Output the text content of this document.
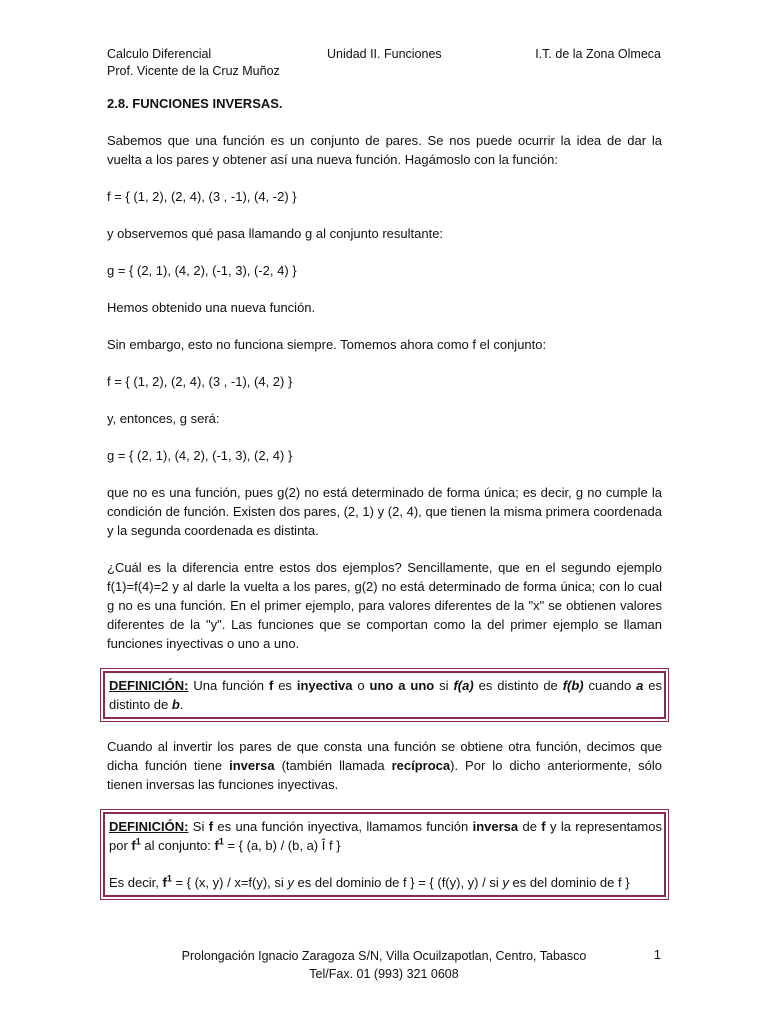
Calculo Diferencial
Prof. Vicente de la Cruz Muñoz
Unidad II. Funciones	I.T. de la Zona Olmeca

2.8. FUNCIONES INVERSAS.

Sabemos que una función es un conjunto de pares. Se nos puede ocurrir la idea de dar la vuelta a los pares y obtener así una nueva función. Hagámoslo con la función:

f = { (1, 2), (2, 4), (3 , -1), (4, -2) }

y observemos qué pasa llamando g al conjunto resultante:

g = { (2, 1), (4, 2), (-1, 3), (-2, 4) }

Hemos obtenido una nueva función.

Sin embargo, esto no funciona siempre. Tomemos ahora como f el conjunto:

f = { (1, 2), (2, 4), (3 , -1), (4, 2) }

y, entonces, g será:

g = { (2, 1), (4, 2), (-1, 3), (2, 4) }

que no es una función, pues g(2) no está determinado de forma única; es decir, g no cumple la condición de función. Existen dos pares, (2, 1) y (2, 4), que tienen la misma primera coordenada y la segunda coordenada es distinta.

¿Cuál es la diferencia entre estos dos ejemplos? Sencillamente, que en el segundo ejemplo f(1)=f(4)=2 y al darle la vuelta a los pares, g(2) no está determinado de forma única; con lo cual g no es una función. En el primer ejemplo, para valores diferentes de la "x" se obtienen valores diferentes de la "y". Las funciones que se comportan como la del primer ejemplo se llaman funciones inyectivas o uno a uno.

DEFINICIÓN: Una función f es inyectiva o uno a uno si f(a) es distinto de f(b) cuando a es distinto de b.

Cuando al invertir los pares de que consta una función se obtiene otra función, decimos que dicha función tiene inversa (también llamada recíproca). Por lo dicho anteriormente, sólo tienen inversas las funciones inyectivas.

DEFINICIÓN: Si f es una función inyectiva, llamamos función inversa de f y la representamos por $f^1$ al conjunto: $f^1$ = { (a, b) / (b, a) Î f }

Es decir, $f^1$ = { (x, y) / x=f(y), si y es del dominio de f } = { (f(y), y) / si y es del dominio de f }

Prolongación Ignacio Zaragoza S/N, Villa Ocuilzapotlan, Centro, Tabasco
Tel/Fax. 01 (993) 321 0608
1
